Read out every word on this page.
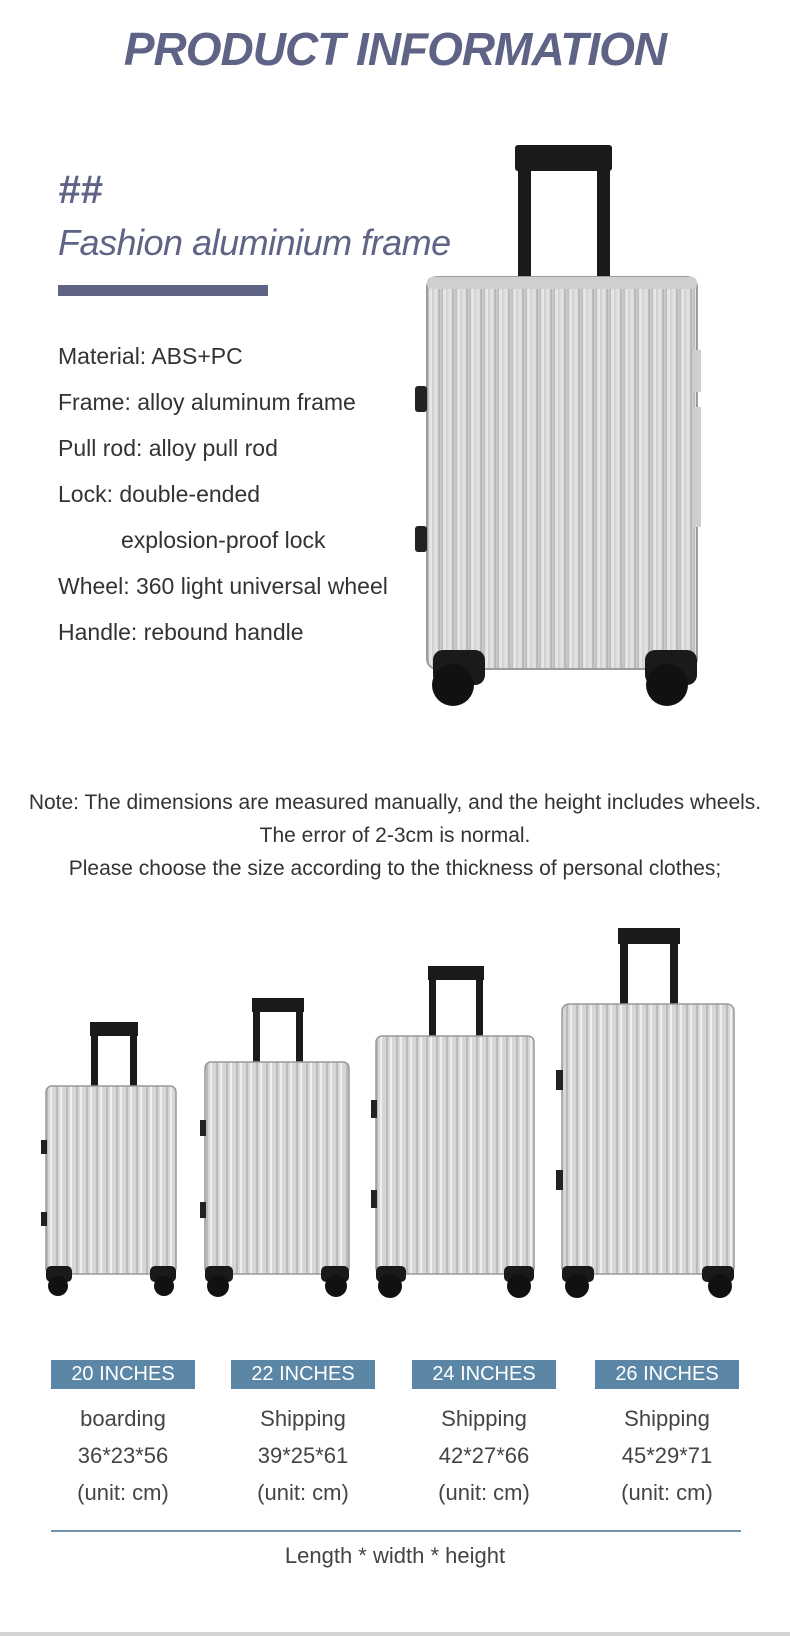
PRODUCT INFORMATION
##
Fashion aluminium frame
Material: ABS+PC
Frame: alloy aluminum frame
Pull rod: alloy pull rod
Lock: double-ended
explosion-proof lock
Wheel: 360 light universal wheel
Handle: rebound handle
Note: The dimensions are measured manually, and the height includes wheels.
The error of 2-3cm is normal.
Please choose the size according to the thickness of personal clothes;
20 INCHES
boarding
36*23*56
(unit: cm)
22 INCHES
Shipping
39*25*61
(unit: cm)
24 INCHES
Shipping
42*27*66
(unit: cm)
26 INCHES
Shipping
45*29*71
(unit: cm)
Length * width * height
